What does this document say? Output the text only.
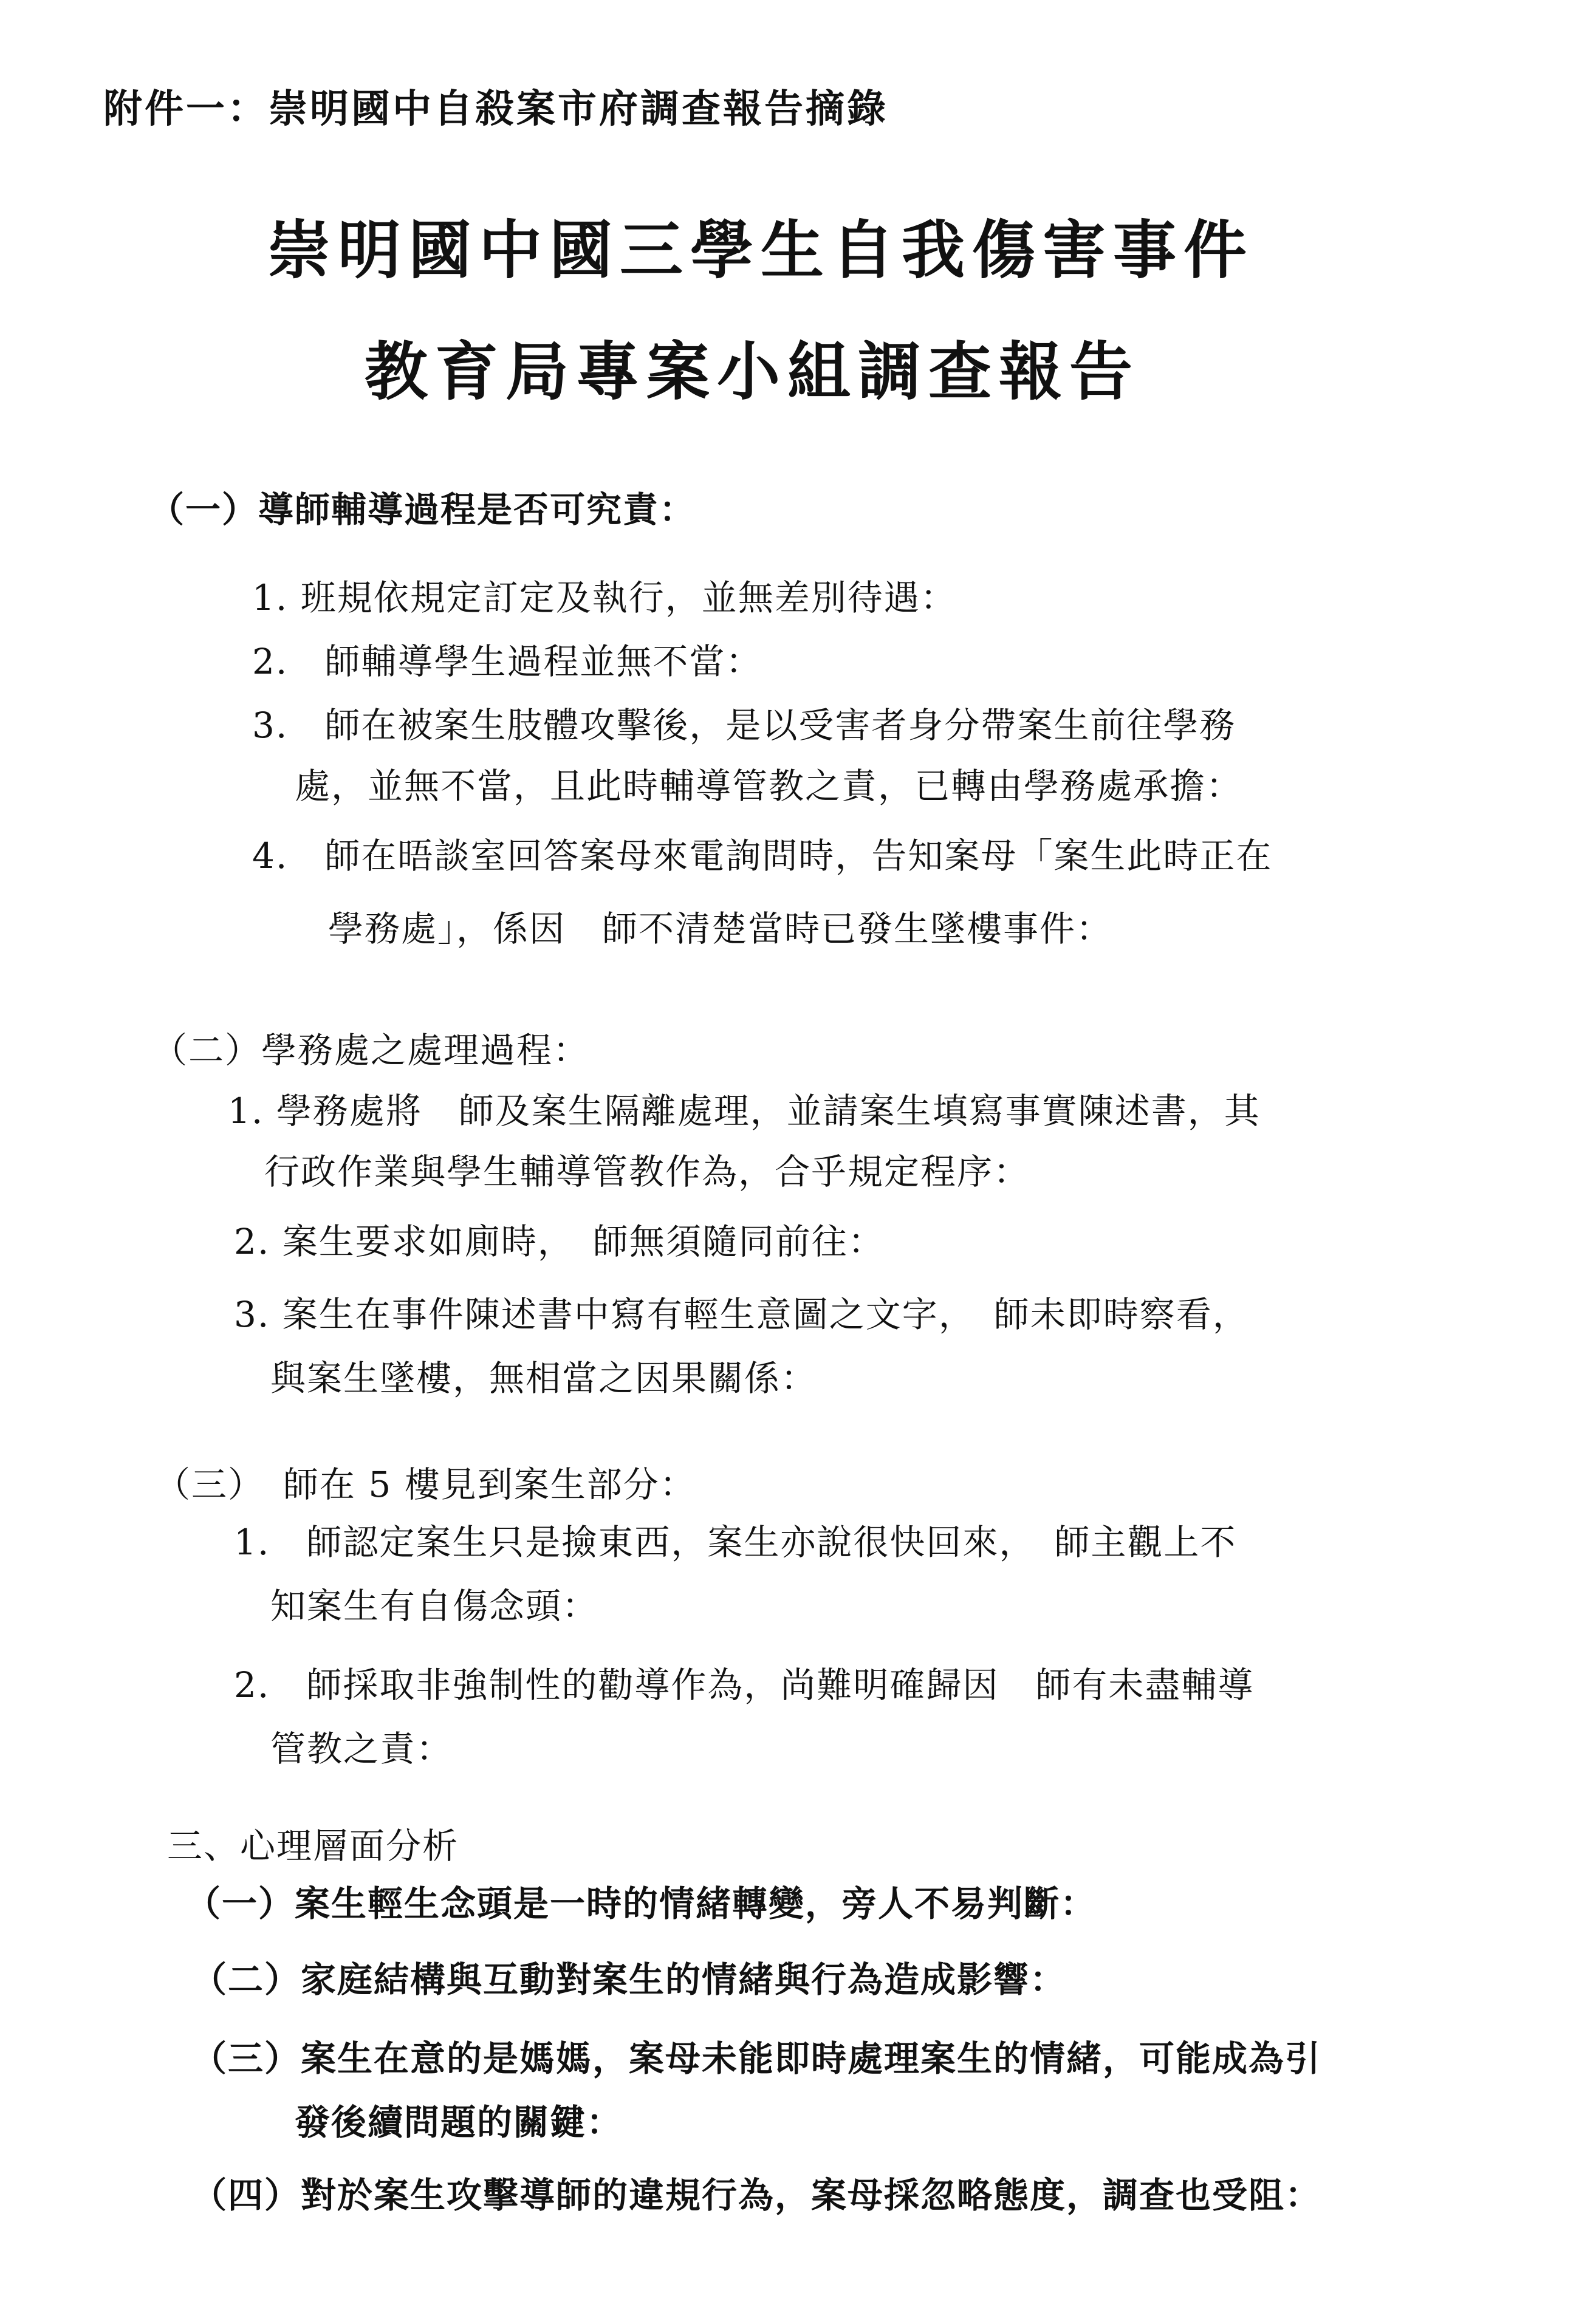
附件一：崇明國中自殺案市府調查報告摘錄
崇明國中國三學生自我傷害事件
教育局專案小組調查報告
（一）導師輔導過程是否可究責：
1. 班規依規定訂定及執行，並無差別待遇：
2.　師輔導學生過程並無不當：
3.　師在被案生肢體攻擊後，是以受害者身分帶案生前往學務
處，並無不當，且此時輔導管教之責，已轉由學務處承擔：
4.　師在晤談室回答案母來電詢問時，告知案母「案生此時正在
學務處」，係因　師不清楚當時已發生墜樓事件：
（二）學務處之處理過程：
1. 學務處將　師及案生隔離處理，並請案生填寫事實陳述書，其
行政作業與學生輔導管教作為，合乎規定程序：
2. 案生要求如廁時，　師無須隨同前往：
3. 案生在事件陳述書中寫有輕生意圖之文字，　師未即時察看，
與案生墜樓，無相當之因果關係：
（三）　師在 5 樓見到案生部分：
1.　師認定案生只是撿東西，案生亦說很快回來，　師主觀上不
知案生有自傷念頭：
2.　師採取非強制性的勸導作為，尚難明確歸因　師有未盡輔導
管教之責：
三、心理層面分析
（一）案生輕生念頭是一時的情緒轉變，旁人不易判斷：
（二）家庭結構與互動對案生的情緒與行為造成影響：
（三）案生在意的是媽媽，案母未能即時處理案生的情緒，可能成為引
發後續問題的關鍵：
（四）對於案生攻擊導師的違規行為，案母採忽略態度，調查也受阻：
